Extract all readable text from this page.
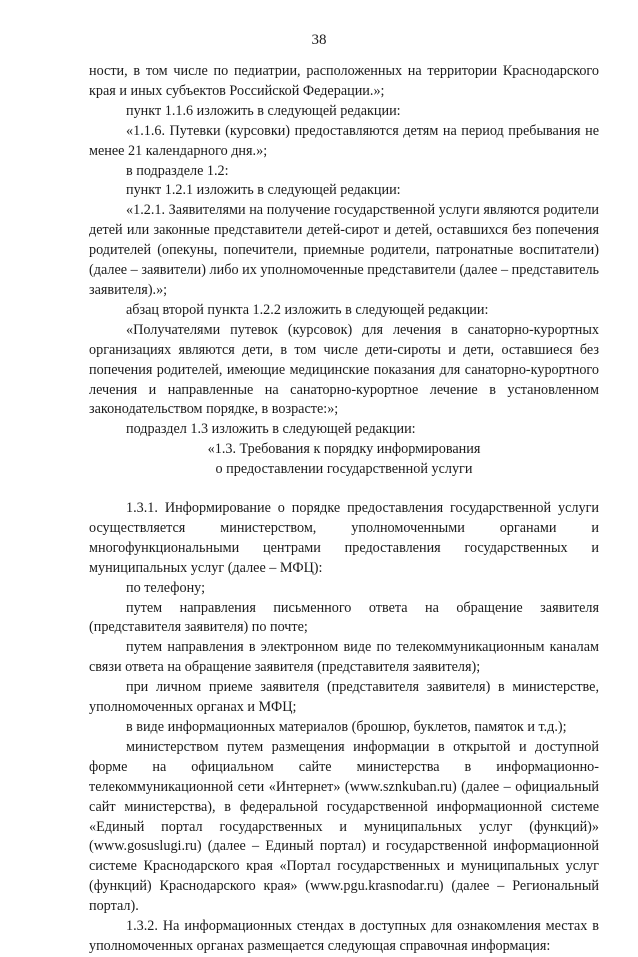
38

ности, в том числе по педиатрии, расположенных на территории Краснодарского края и иных субъектов Российской Федерации.»;

пункт 1.1.6 изложить в следующей редакции:

«1.1.6. Путевки (курсовки) предоставляются детям на период пребывания не менее 21 календарного дня.»;

в подразделе 1.2:

пункт 1.2.1 изложить в следующей редакции:

«1.2.1. Заявителями на получение государственной услуги являются родители детей или законные представители детей-сирот и детей, оставшихся без попечения родителей (опекуны, попечители, приемные родители, патронатные воспитатели) (далее – заявители) либо их уполномоченные представители (далее – представитель заявителя).»;

абзац второй пункта 1.2.2 изложить в следующей редакции:

«Получателями путевок (курсовок) для лечения в санаторно-курортных организациях являются дети, в том числе дети-сироты и дети, оставшиеся без попечения родителей, имеющие медицинские показания для санаторно-курортного лечения и направленные на санаторно-курортное лечение в установленном законодательством порядке, в возрасте:»;

подраздел 1.3 изложить в следующей редакции:

«1.3. Требования к порядку информирования

о предоставлении государственной услуги

1.3.1. Информирование о порядке предоставления государственной услуги осуществляется министерством, уполномоченными органами и многофункциональными центрами предоставления государственных и муниципальных услуг (далее – МФЦ):

по телефону;

путем направления письменного ответа на обращение заявителя (представителя заявителя) по почте;

путем направления в электронном виде по телекоммуникационным каналам связи ответа на обращение заявителя (представителя заявителя);

при личном приеме заявителя (представителя заявителя) в министерстве, уполномоченных органах и МФЦ;

в виде информационных материалов (брошюр, буклетов, памяток и т.д.);

министерством путем размещения информации в открытой и доступной форме на официальном сайте министерства в информационно-телекоммуникационной сети «Интернет» (www.sznkuban.ru) (далее – официальный сайт министерства), в федеральной государственной информационной системе «Единый портал государственных и муниципальных услуг (функций)» (www.gosuslugi.ru) (далее – Единый портал) и государственной информационной системе Краснодарского края «Портал государственных и муниципальных услуг (функций) Краснодарского края» (www.pgu.krasnodar.ru) (далее – Региональный портал).

1.3.2. На информационных стендах в доступных для ознакомления местах в уполномоченных органах размещается следующая справочная информация:
